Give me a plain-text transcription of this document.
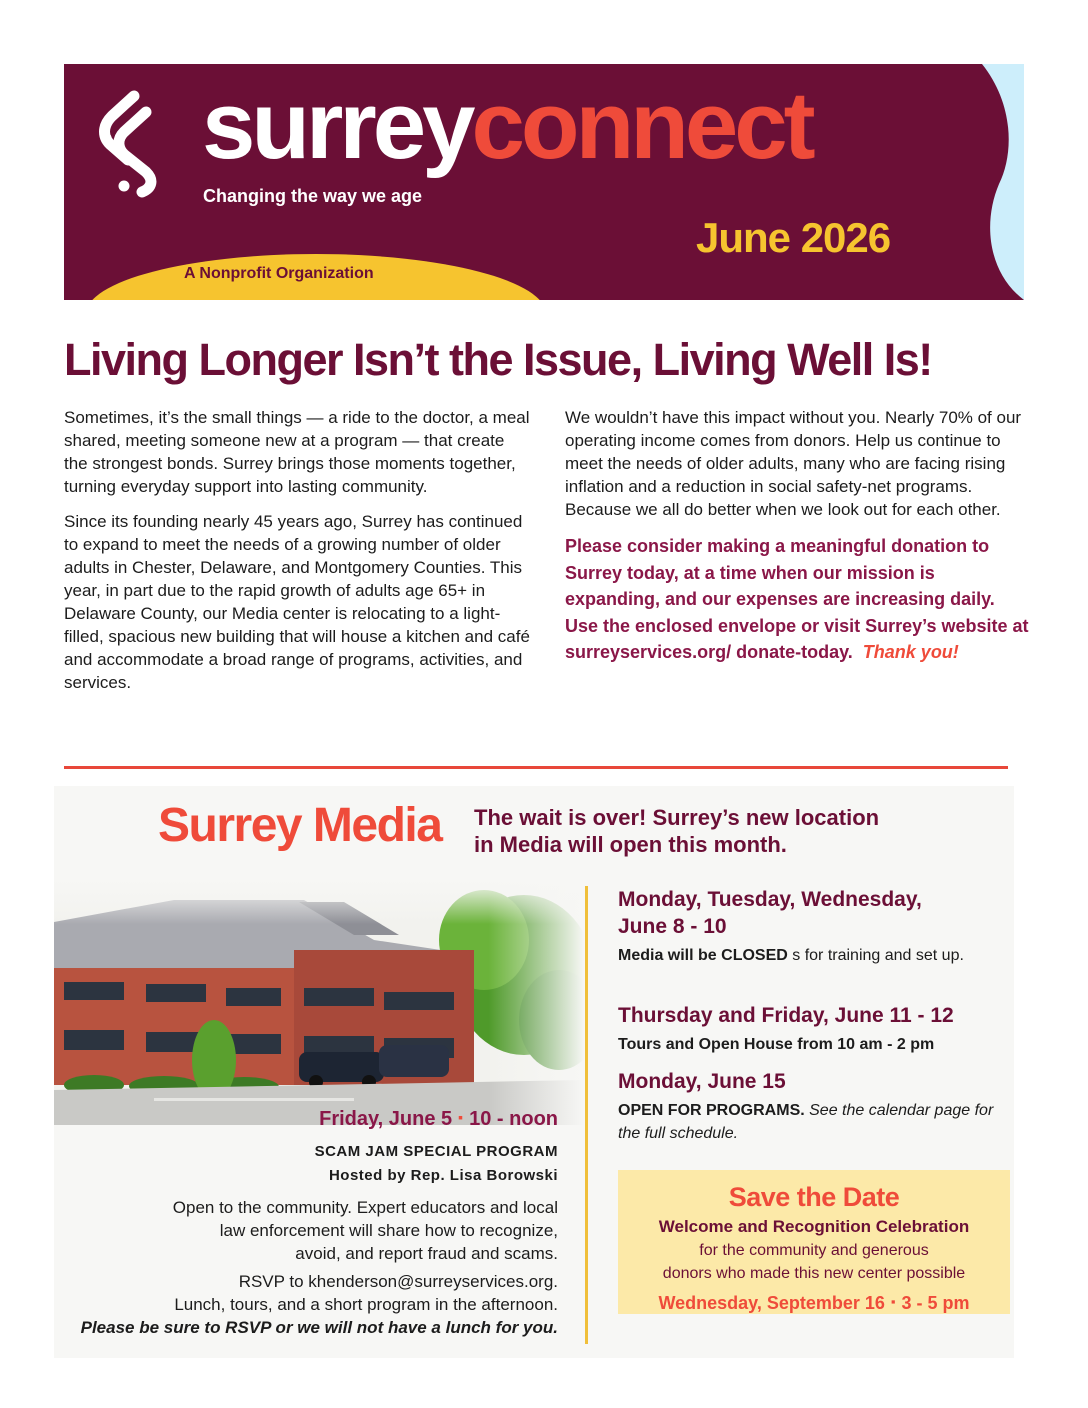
surreyconnect
Changing the way we age
June 2026
A Nonprofit Organization
Living Longer Isn’t the Issue, Living Well Is!

Sometimes, it’s the small things — a ride to the doctor, a meal shared, meeting someone new at a program — that create the strongest bonds. Surrey brings those moments together, turning everyday support into lasting community.

Since its founding nearly 45 years ago, Surrey has continued to expand to meet the needs of a growing number of older adults in Chester, Delaware, and Montgomery Counties. This year, in part due to the rapid growth of adults age 65+ in Delaware County, our Media center is relocating to a light-filled, spacious new building that will house a kitchen and café and accommodate a broad range of programs, activities, and services.

We wouldn’t have this impact without you. Nearly 70% of our operating income comes from donors. Help us continue to meet the needs of older adults, many who are facing rising inflation and a reduction in social safety-net programs. Because we all do better when we look out for each other.

Please consider making a meaningful donation to Surrey today, at a time when our mission is expanding, and our expenses are increasing daily. Use the enclosed envelope or visit Surrey’s website at surreyservices.org/ donate-today. Thank you!
Surrey Media The wait is over! Surrey’s new location
in Media will open this month.
Friday, June 5 ▪ 10 - noon
SCAM JAM SPECIAL PROGRAM
Hosted by Rep. Lisa Borowski
Open to the community. Expert educators and local
law enforcement will share how to recognize,
avoid, and report fraud and scams.
RSVP to khenderson@surreyservices.org.
Lunch, tours, and a short program in the afternoon.
Please be sure to RSVP or we will not have a lunch for you.
Monday, Tuesday, Wednesday,
June 8 - 10

Media will be CLOSED s for training and set up.

Thursday and Friday, June 11 - 12

Tours and Open House from 10 am - 2 pm

Monday, June 15

OPEN FOR PROGRAMS. See the calendar page for the full schedule.

Save the Date
Welcome and Recognition Celebration
for the community and generous
donors who made this new center possible
Wednesday, September 16 ▪ 3 - 5 pm
